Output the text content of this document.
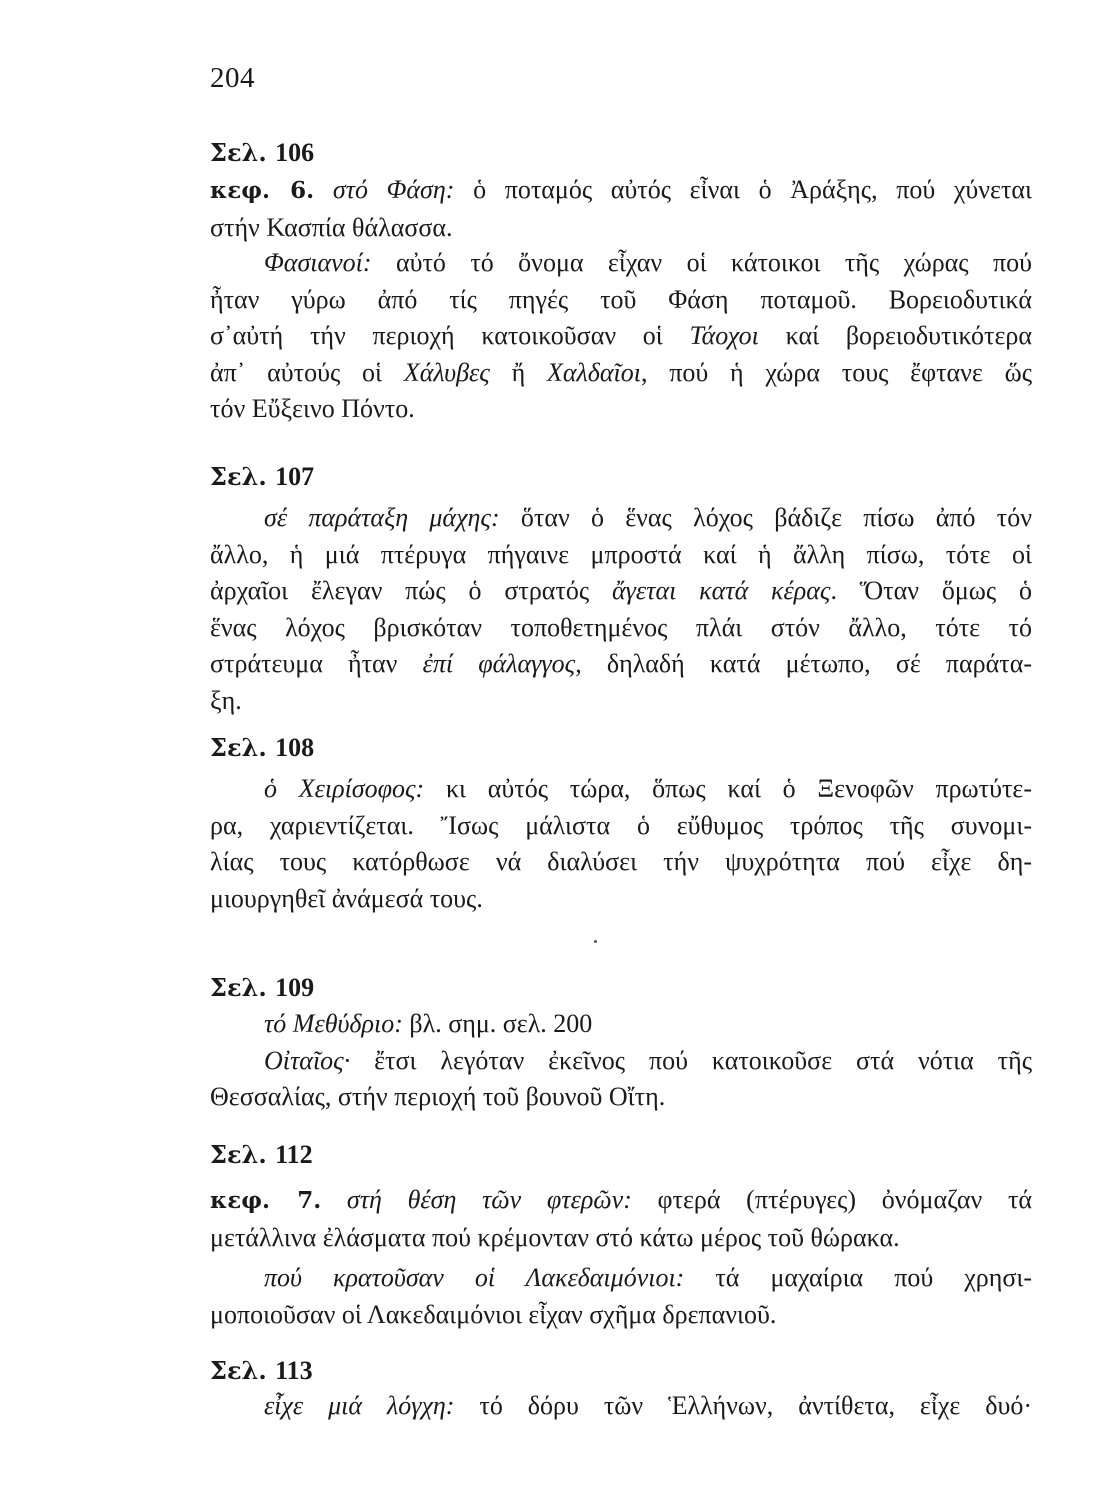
204
Σελ. 106
κεφ. 6. στό Φάση: ὁ ποταμός αὐτός εἶναι ὁ Ἀράξης, πού χύνεται
στήν Κασπία θάλασσα.
Φασιανοί: αὐτό τό ὄνομα εἶχαν οἱ κάτοικοι τῆς χώρας πού
ἦταν γύρω ἀπό τίς πηγές τοῦ Φάση ποταμοῦ. Βορειοδυτικά
σ᾿αὐτή τήν περιοχή κατοικοῦσαν οἱ Τάοχοι καί βορειοδυτικότερα
ἀπ᾿ αὐτούς οἱ Χάλυβες ἤ Χαλδαῖοι, πού ἡ χώρα τους ἔφτανε ὥς
τόν Εὔξεινο Πόντο.
Σελ. 107
σέ παράταξη μάχης: ὅταν ὁ ἕνας λόχος βάδιζε πίσω ἀπό τόν
ἄλλο, ἡ μιά πτέρυγα πήγαινε μπροστά καί ἡ ἄλλη πίσω, τότε οἱ
ἀρχαῖοι ἔλεγαν πώς ὁ στρατός ἄγεται κατά κέρας. Ὅταν ὅμως ὁ
ἕνας λόχος βρισκόταν τοποθετημένος πλάι στόν ἄλλο, τότε τό
στράτευμα ἦταν ἐπί φάλαγγος, δηλαδή κατά μέτωπο, σέ παράτα-
ξη.
Σελ. 108
ὁ Χειρίσοφος: κι αὐτός τώρα, ὅπως καί ὁ Ξενοφῶν πρωτύτε-
ρα, χαριεντίζεται. Ἴσως μάλιστα ὁ εὔθυμος τρόπος τῆς συνομι-
λίας τους κατόρθωσε νά διαλύσει τήν ψυχρότητα πού εἶχε δη-
μιουργηθεῖ ἀνάμεσά τους.
Σελ. 109
τό Μεθύδριο: βλ. σημ. σελ. 200
Οἰταῖος· ἔτσι λεγόταν ἐκεῖνος πού κατοικοῦσε στά νότια τῆς
Θεσσαλίας, στήν περιοχή τοῦ βουνοῦ Οἴτη.
Σελ. 112
κεφ. 7. στή θέση τῶν φτερῶν: φτερά (πτέρυγες) ὀνόμαζαν τά
μετάλλινα ἐλάσματα πού κρέμονταν στό κάτω μέρος τοῦ θώρακα.
πού κρατοῦσαν οἱ Λακεδαιμόνιοι: τά μαχαίρια πού χρησι-
μοποιοῦσαν οἱ Λακεδαιμόνιοι εἶχαν σχῆμα δρεπανιοῦ.
Σελ. 113
εἶχε μιά λόγχη: τό δόρυ τῶν Ἑλλήνων, ἀντίθετα, εἶχε δυό·
